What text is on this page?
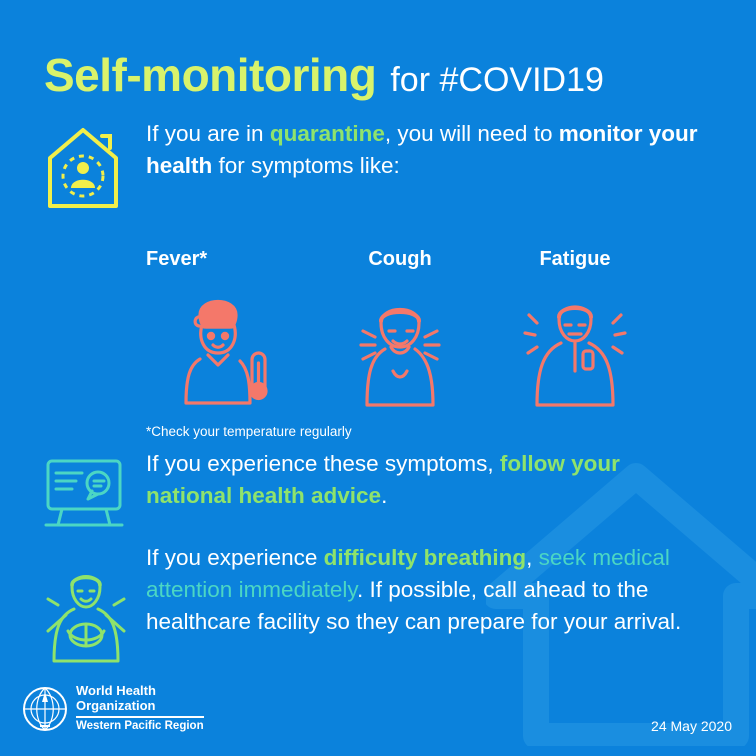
Self-monitoring for #COVID19
If you are in quarantine, you will need to monitor your health for symptoms like:
Fever*	Cough	Fatigue
*Check your temperature regularly
If you experience these symptoms, follow your national health advice.
If you experience difficulty breathing, seek medical attention immediately. If possible, call ahead to the healthcare facility so they can prepare for your arrival.
World Health
Organization
Western Pacific Region	24 May 2020
